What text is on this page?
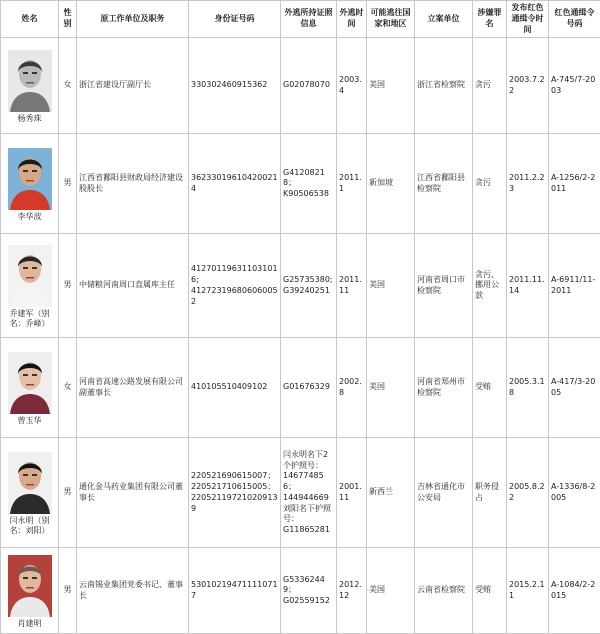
姓名	性别	原工作单位及职务	身份证号码	外逃所持证照信息	外逃时间	可能逃往国家和地区	立案单位	涉嫌罪名	发布红色通缉令时间	红色通缉令号码

杨秀珠	女	浙江省建设厅副厅长	330302460915362	G02078070	2003.4	美国	浙江省检察院	贪污	2003.7.22	A-745/7-2003

李华波	男	江西省鄱阳县财政局经济建设股股长	362330196104200214	G41208218；
K90506538	2011.1	新加坡	江西省鄱阳县检察院	贪污	2011.2.23	A-1256/2-2011

乔建军（别
名：乔峰）	男	中储粮河南周口直属库主任	412701196311031016;
412723196806060052	G25735380;
G39240251	2011.11	美国	河南省周口市检察院	贪污、挪用公款	2011.11.14	A-6911/11-2011

曾玉华	女	河南省高速公路发展有限公司副董事长	410105510409102	G01676329	2002.8	美国	河南省郑州市检察院	受贿	2005.3.18	A-417/3-2005

闫永明（别
名：刘阳）	男	通化金马药业集团有限公司董事长	220521690615007；
220521710615005；
220521197210209139	闫永明名下2个护照号：
146774856；
144944669
刘阳名下护照号：
G11865281	2001.11	新西兰	吉林省通化市公安局	职务侵占	2005.8.22	A-1336/8-2005

肖建明	男	云南锡业集团党委书记、董事长	530102194711110717	G53362449；
G02559152	2012.12	美国	云南省检察院	受贿	2015.2.11	A-1084/2-2015
